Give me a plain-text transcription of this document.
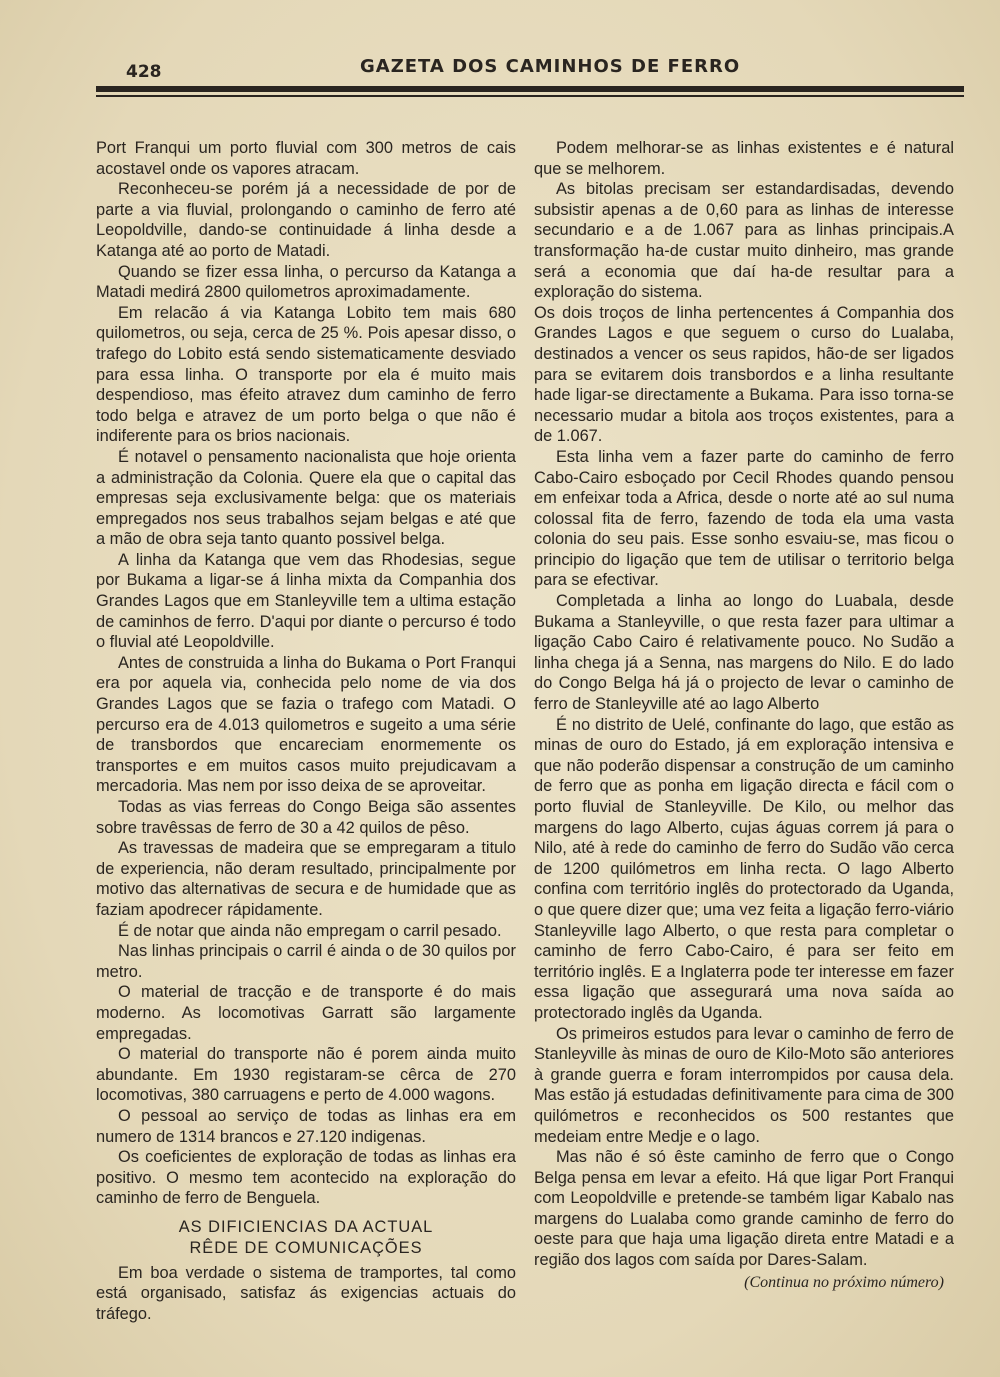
428	GAZETA DOS CAMINHOS DE FERRO

Port Franqui um porto fluvial com 300 metros de cais acostavel onde os vapores atracam.

Reconheceu-se porém já a necessidade de por de parte a via fluvial, prolongando o caminho de ferro até Leopoldville, dando-se continuidade á linha desde a Katanga até ao porto de Matadi.

Quando se fizer essa linha, o percurso da Katanga a Matadi medirá 2800 quilometros aproximadamente.

Em relacão á via Katanga Lobito tem mais 680 quilometros, ou seja, cerca de 25 %. Pois apesar disso, o trafego do Lobito está sendo sistematicamente desviado para essa linha. O transporte por ela é muito mais despendioso, mas éfeito atravez dum caminho de ferro todo belga e atravez de um porto belga o que não é indiferente para os brios nacionais.

É notavel o pensamento nacionalista que hoje orienta a administração da Colonia. Quere ela que o capital das empresas seja exclusivamente belga: que os materiais empregados nos seus trabalhos sejam belgas e até que a mão de obra seja tanto quanto possivel belga.

A linha da Katanga que vem das Rhodesias, segue por Bukama a ligar-se á linha mixta da Companhia dos Grandes Lagos que em Stanleyville tem a ultima estação de caminhos de ferro. D'aqui por diante o percurso é todo o fluvial até Leopoldville.

Antes de construida a linha do Bukama o Port Franqui era por aquela via, conhecida pelo nome de via dos Grandes Lagos que se fazia o trafego com Matadi. O percurso era de 4.013 quilometros e sugeito a uma série de transbordos que encareciam enormemente os transportes e em muitos casos muito prejudicavam a mercadoria. Mas nem por isso deixa de se aproveitar.

Todas as vias ferreas do Congo Beiga são assentes sobre travêssas de ferro de 30 a 42 quilos de pêso.

As travessas de madeira que se empregaram a titulo de experiencia, não deram resultado, principalmente por motivo das alternativas de secura e de humidade que as faziam apodrecer rápidamente.

É de notar que ainda não empregam o carril pesado.

Nas linhas principais o carril é ainda o de 30 quilos por metro.

O material de tracção e de transporte é do mais moderno. As locomotivas Garratt são largamente empregadas.

O material do transporte não é porem ainda muito abundante. Em 1930 registaram-se cêrca de 270 locomotivas, 380 carruagens e perto de 4.000 wagons.

O pessoal ao serviço de todas as linhas era em numero de 1314 brancos e 27.120 indigenas.

Os coeficientes de exploração de todas as linhas era positivo. O mesmo tem acontecido na exploração do caminho de ferro de Benguela.

AS DIFICIENCIAS DA ACTUAL
RÊDE DE COMUNICAÇÕES

Em boa verdade o sistema de tramportes, tal como está organisado, satisfaz ás exigencias actuais do tráfego.

Podem melhorar-se as linhas existentes e é natural que se melhorem.

As bitolas precisam ser estandardisadas, devendo subsistir apenas a de 0,60 para as linhas de interesse secundario e a de 1.067 para as linhas principais.A transformação ha-de custar muito dinheiro, mas grande será a economia que daí ha-de resultar para a exploração do sistema.

Os dois troços de linha pertencentes á Companhia dos Grandes Lagos e que seguem o curso do Lualaba, destinados a vencer os seus rapidos, hão-de ser ligados para se evitarem dois transbordos e a linha resultante hade ligar-se directamente a Bukama. Para isso torna-se necessario mudar a bitola aos troços existentes, para a de 1.067.

Esta linha vem a fazer parte do caminho de ferro Cabo-Cairo esboçado por Cecil Rhodes quando pensou em enfeixar toda a Africa, desde o norte até ao sul numa colossal fita de ferro, fazendo de toda ela uma vasta colonia do seu pais. Esse sonho esvaiu-se, mas ficou o principio do ligação que tem de utilisar o territorio belga para se efectivar.

Completada a linha ao longo do Luabala, desde Bukama a Stanleyville, o que resta fazer para ultimar a ligação Cabo Cairo é relativamente pouco. No Sudão a linha chega já a Senna, nas margens do Nilo. E do lado do Congo Belga há já o projecto de levar o caminho de ferro de Stanleyville até ao lago Alberto

É no distrito de Uelé, confinante do lago, que estão as minas de ouro do Estado, já em exploração intensiva e que não poderão dispensar a construção de um caminho de ferro que as ponha em ligação directa e fácil com o porto fluvial de Stanleyville. De Kilo, ou melhor das margens do lago Alberto, cujas águas correm já para o Nilo, até à rede do caminho de ferro do Sudão vão cerca de 1200 quilómetros em linha recta. O lago Alberto confina com território inglês do protectorado da Uganda, o que quere dizer que; uma vez feita a ligação ferro-viário Stanleyville lago Alberto, o que resta para completar o caminho de ferro Cabo-Cairo, é para ser feito em território inglês. E a Inglaterra pode ter interesse em fazer essa ligação que assegurará uma nova saída ao protectorado inglês da Uganda.

Os primeiros estudos para levar o caminho de ferro de Stanleyville às minas de ouro de Kilo-Moto são anteriores à grande guerra e foram interrompidos por causa dela. Mas estão já estudadas definitivamente para cima de 300 quilómetros e reconhecidos os 500 restantes que medeiam entre Medje e o lago.

Mas não é só êste caminho de ferro que o Congo Belga pensa em levar a efeito. Há que ligar Port Franqui com Leopoldville e pretende-se também ligar Kabalo nas margens do Lualaba como grande caminho de ferro do oeste para que haja uma ligação direta entre Matadi e a região dos lagos com saída por Dares-Salam.

(Continua no próximo número)
